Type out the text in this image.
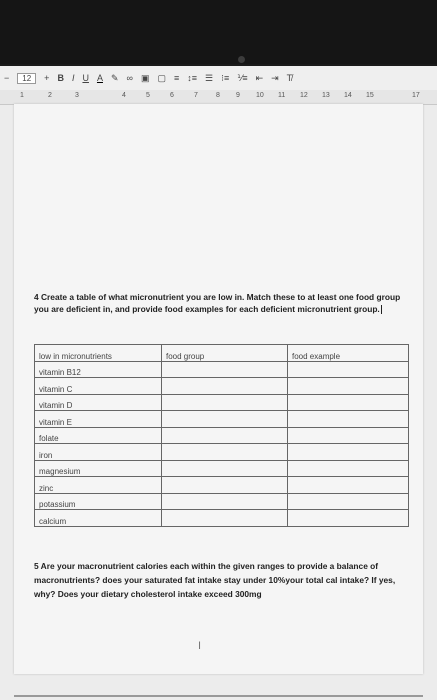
−	12	+ B I U A ✎ ∞ ▣ ▢ ≡ ↕≡ ☰ ⁝≡ ⅟≡ ⇤ ⇥ T̸
1	2	3	4	5	6	7	8 9 10 11 12 13 14 15	17
4 Create a table of what micronutrient you are low in. Match these to at least one food group you are deficient in, and provide food examples for each deficient micronutrient group.
low in micronutrients	food group	food example
vitamin B12		
vitamin C		
vitamin D		
vitamin E		
folate		
iron		
magnesium		
zinc		
potassium		
calcium		
5 Are your macronutrient calories each within the given ranges to provide a balance of macronutrients? does your saturated fat intake stay under 10%your total cal intake? If yes, why? Does your dietary cholesterol intake exceed 300mg
I
